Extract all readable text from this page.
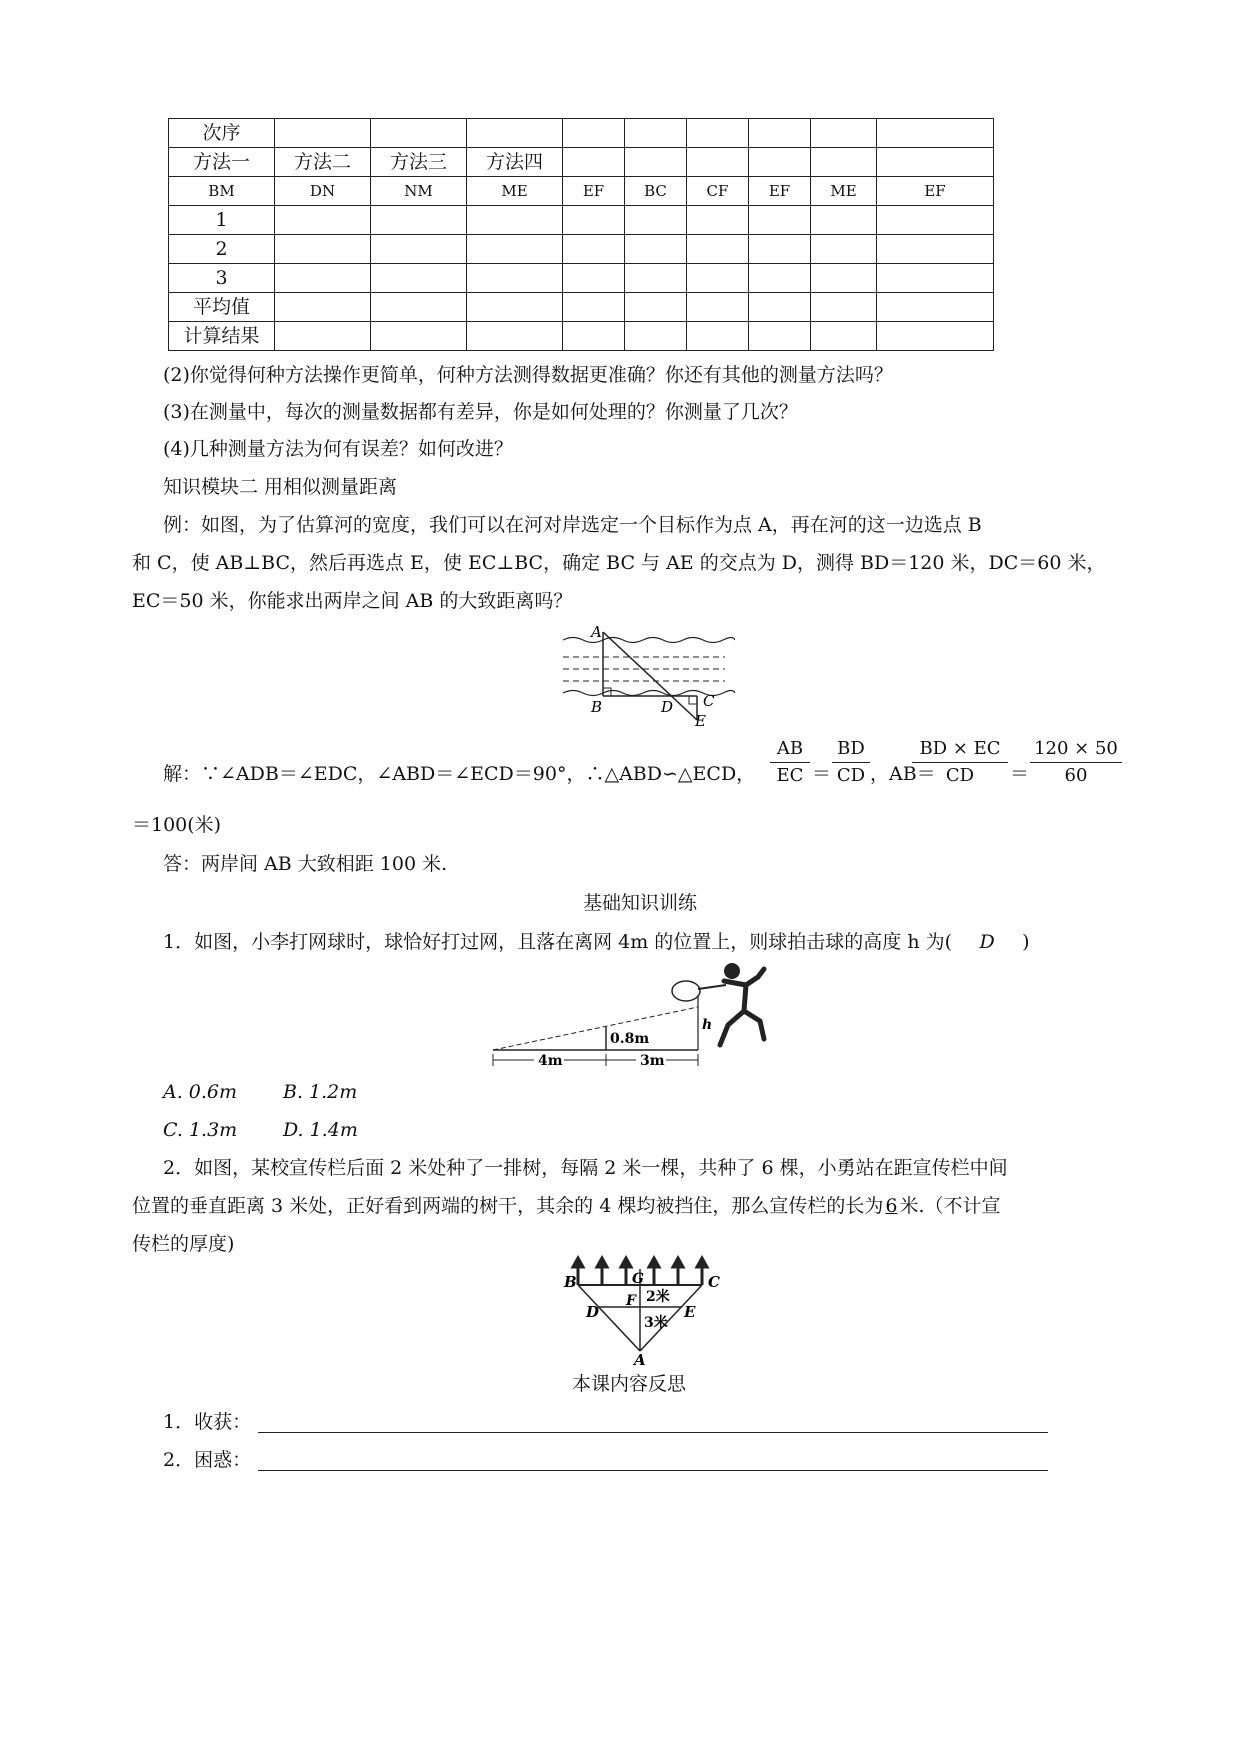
次序									
方法一	方法二	方法三	方法四						
BM	DN	NM	ME	EF	BC	CF	EF	ME	EF
1									
2									
3									
平均值									
计算结果									
(2)你觉得何种方法操作更简单，何种方法测得数据更准确？你还有其他的测量方法吗？
(3)在测量中，每次的测量数据都有差异，你是如何处理的？你测量了几次？
(4)几种测量方法为何有误差？如何改进？
知识模块二 用相似测量距离
例：如图，为了估算河的宽度，我们可以在河对岸选定一个目标作为点 A，再在河的这一边选点 B
和 C，使 AB⊥BC，然后再选点 E，使 EC⊥BC，确定 BC 与 AE 的交点为 D，测得 BD＝120 米，DC＝60 米，
EC＝50 米，你能求出两岸之间 AB 的大致距离吗？
A
B	D C
E
解：∵∠ADB＝∠EDC，∠ABD＝∠ECD＝90°，∴△ABD∽△ECD，
AB
EC ＝
BD
CD ，AB＝
BD × EC
CD	＝
120 × 50
60
＝100(米)
答：两岸间 AB 大致相距 100 米.
基础知识训练
1．如图，小李打网球时，球恰好打过网，且落在离网 4m 的位置上，则球拍击球的高度 h 为( D )
4m	3m
0.8m
h
A. 0.6m B. 1.2m
C. 1.3m D. 1.4m
2．如图，某校宣传栏后面 2 米处种了一排树，每隔 2 米一棵，共种了 6 棵，小勇站在距宣传栏中间
位置的垂直距离 3 米处，正好看到两端的树干，其余的 4 棵均被挡住，那么宣传栏的长为 6 米.（不计宣
传栏的厚度)
B	G	C
F 2米
D
3米
E
A
本课内容反思
1．收获：
2．困惑：
